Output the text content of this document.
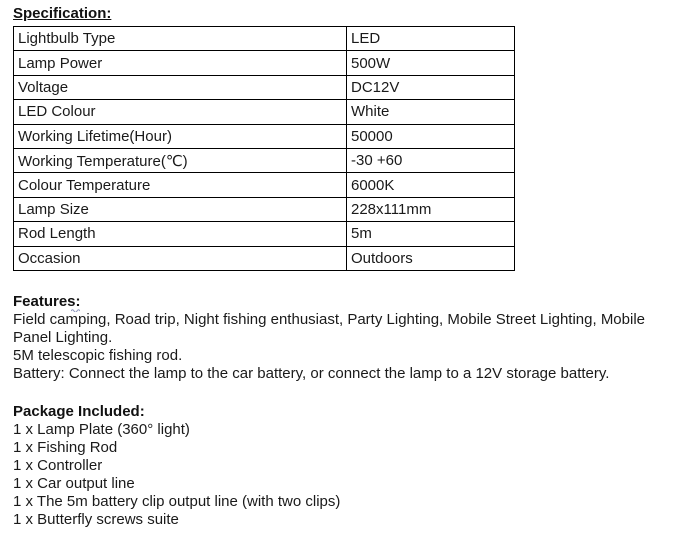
Specification:
Lightbulb Type	LED
Lamp Power	500W
Voltage	DC12V
LED Colour	White
Working Lifetime(Hour)	50000
Working Temperature(℃)	-30 +60
Colour Temperature	6000K
Lamp Size	228x111mm
Rod Length	5m
Occasion	Outdoors
Features:
Field camping, Road trip, Night fishing enthusiast, Party Lighting, Mobile Street Lighting, Mobile
Panel Lighting.
5M telescopic fishing rod.
Battery: Connect the lamp to the car battery, or connect the lamp to a 12V storage battery.
Package Included:
1 x Lamp Plate (360° light)
1 x Fishing Rod
1 x Controller
1 x Car output line
1 x The 5m battery clip output line (with two clips)
1 x Butterfly screws suite
